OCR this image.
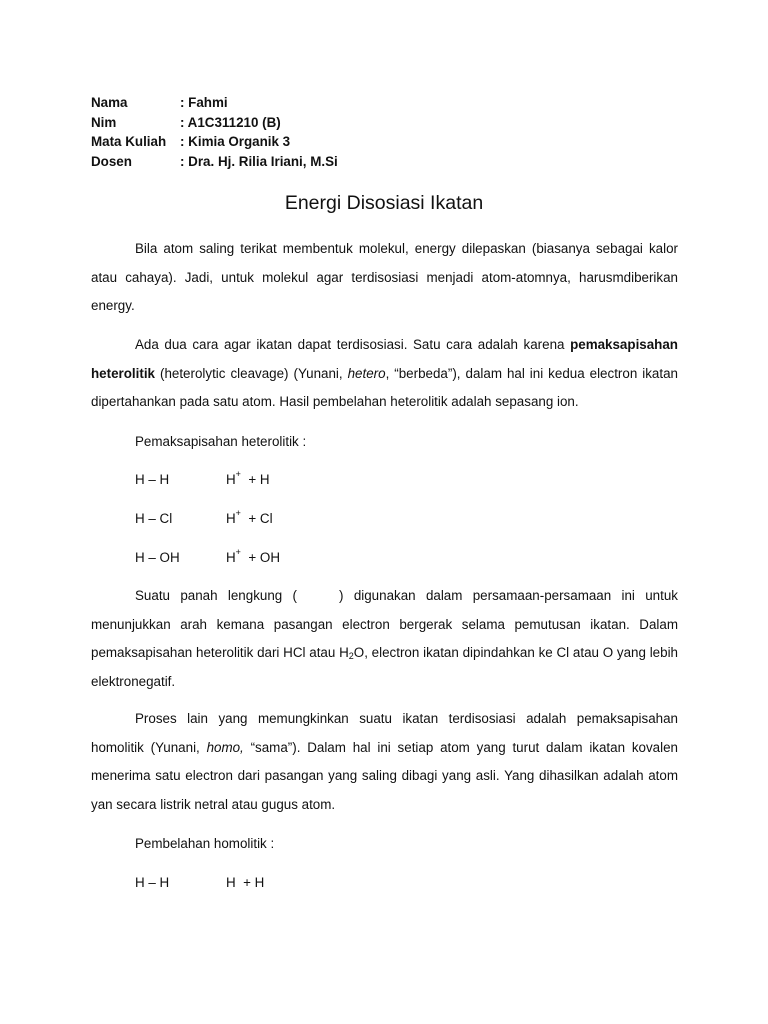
Nama	: Fahmi
Nim	: A1C311210 (B)
Mata Kuliah : Kimia Organik 3
Dosen	: Dra. Hj. Rilia Iriani, M.Si
Energi Disosiasi Ikatan

Bila atom saling terikat membentuk molekul, energy dilepaskan (biasanya sebagai kalor atau cahaya). Jadi, untuk molekul agar terdisosiasi menjadi atom-atomnya, harusmdiberikan energy.

Ada dua cara agar ikatan dapat terdisosiasi. Satu cara adalah karena pemaksapisahan heterolitik (heterolytic cleavage) (Yunani, hetero, “berbeda”), dalam hal ini kedua electron ikatan dipertahankan pada satu atom. Hasil pembelahan heterolitik adalah sepasang ion.

Pemaksapisahan heterolitik :
H – H	H+  + H
H – Cl	H+  + Cl
H – OH	H+  + OH

Suatu panah lengkung (	) digunakan dalam persamaan-persamaan ini untuk menunjukkan arah kemana pasangan electron bergerak selama pemutusan ikatan. Dalam pemaksapisahan heterolitik dari HCl atau $H_2O$, electron ikatan dipindahkan ke Cl atau O yang lebih elektronegatif.

Proses lain yang memungkinkan suatu ikatan terdisosiasi adalah pemaksapisahan homolitik (Yunani, homo, “sama”). Dalam hal ini setiap atom yang turut dalam ikatan kovalen menerima satu electron dari pasangan yang saling dibagi yang asli. Yang dihasilkan adalah atom yan secara listrik netral atau gugus atom.

Pembelahan homolitik :
H – H	H  + H
